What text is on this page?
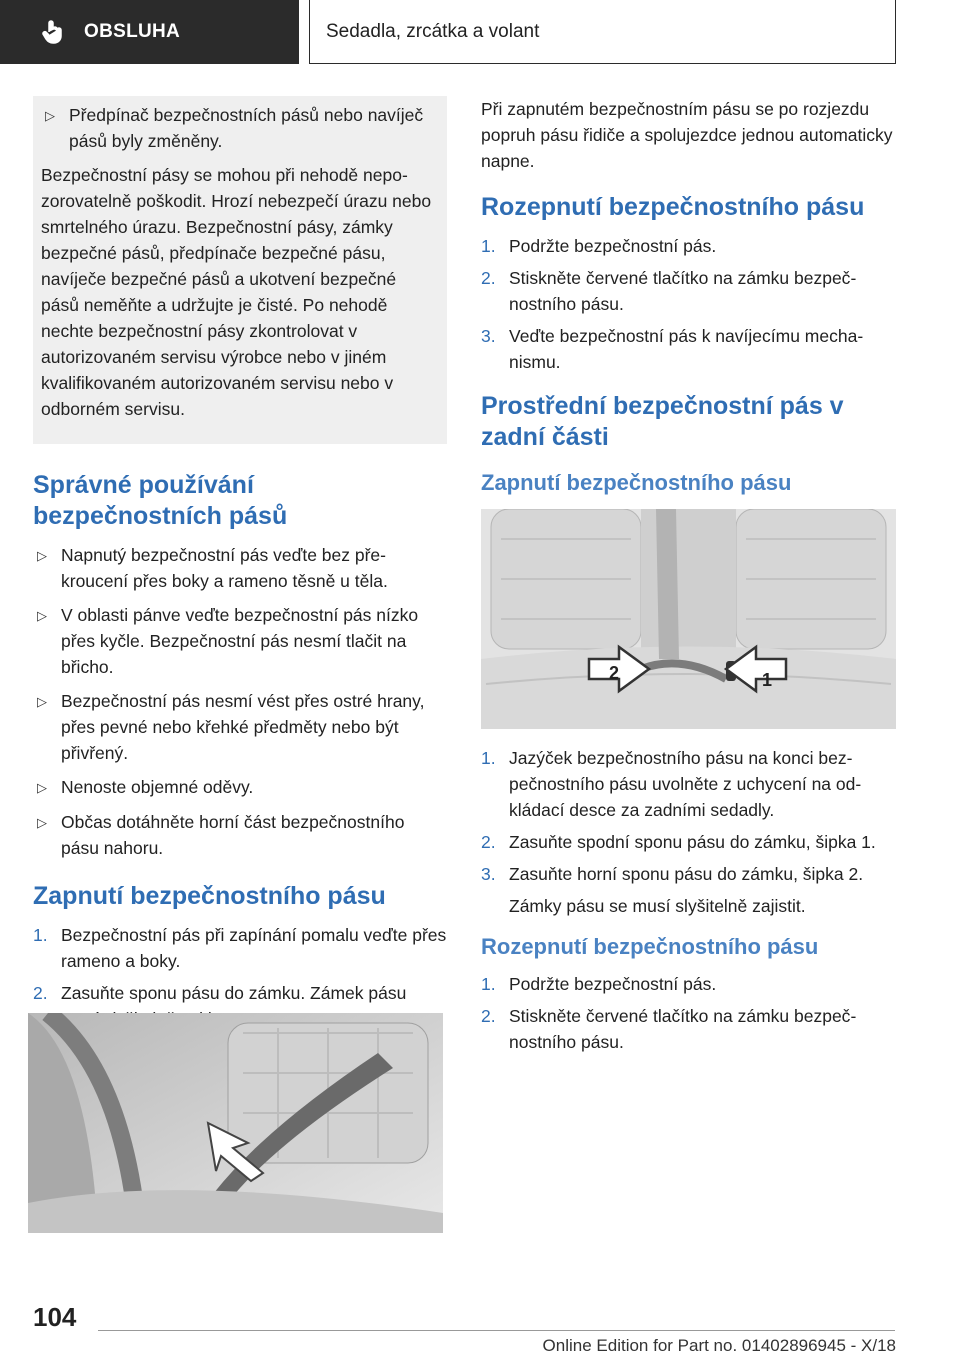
OBSLUHA	Sedadla, zrcátka a volant
▷ Předpínač bezpečnostních pásů nebo navíječ pásů byly změněny.

Bezpečnostní pásy se mohou při nehodě nepozorovatelně poškodit. Hrozí nebezpečí úrazu nebo smrtelného úrazu. Bezpečnostní pásy, zámky bezpečné pásů, předpínače bezpečné pásu, navíječe bezpečné pásů a ukotvení bezpečné pásů neměňte a udržujte je čisté. Po nehodě nechte bezpečnostní pásy zkontrolovat v autorizovaném servisu výrobce nebo v jiném kvalifikovaném autorizovaném servisu nebo v odborném servisu.

Správné používání bezpečnostních pásů
▷ Napnutý bezpečnostní pás veďte bez překroucení přes boky a rameno těsně u těla.
▷ V oblasti pánve veďte bezpečnostní pás nízko přes kyčle. Bezpečnostní pás nesmí tlačit na břicho.
▷ Bezpečnostní pás nesmí vést přes ostré hrany, přes pevné nebo křehké předměty nebo být přivřený.
▷ Nenoste objemné oděvy.
▷ Občas dotáhněte horní část bezpečnostního pásu nahoru.
Zapnutí bezpečnostního pásu
1. Bezpečnostní pás při zapínání pomalu veďte přes rameno a boky.
2. Zasuňte sponu pásu do zámku. Zámek pásu

Při zapnutém bezpečnostním pásu se po rozjezdu popruh pásu řidiče a spolujezdce jednou automaticky napne.

Rozepnutí bezpečnostního pásu
1. Podržte bezpečnostní pás.
2. Stiskněte červené tlačítko na zámku bezpečnostního pásu.
3. Veďte bezpečnostní pás k navíjecímu mechanismu.
Prostřední bezpečnostní pás v zadní části
Zapnutí bezpečnostního pásu
2	1
1. Jazýček bezpečnostního pásu na konci bezpečnostního pásu uvolněte z uchycení na odkládací desce za zadními sedadly.
2. Zasuňte spodní sponu pásu do zámku, šipka 1.
3. Zasuňte horní sponu pásu do zámku, šipka 2.

Zámky pásu se musí slyšitelně zajistit.

Rozepnutí bezpečnostního pásu
1. Podržte bezpečnostní pás.
2. Stiskněte červené tlačítko na zámku bezpečnostního pásu.
104
Online Edition for Part no. 01402896945 - X/18
